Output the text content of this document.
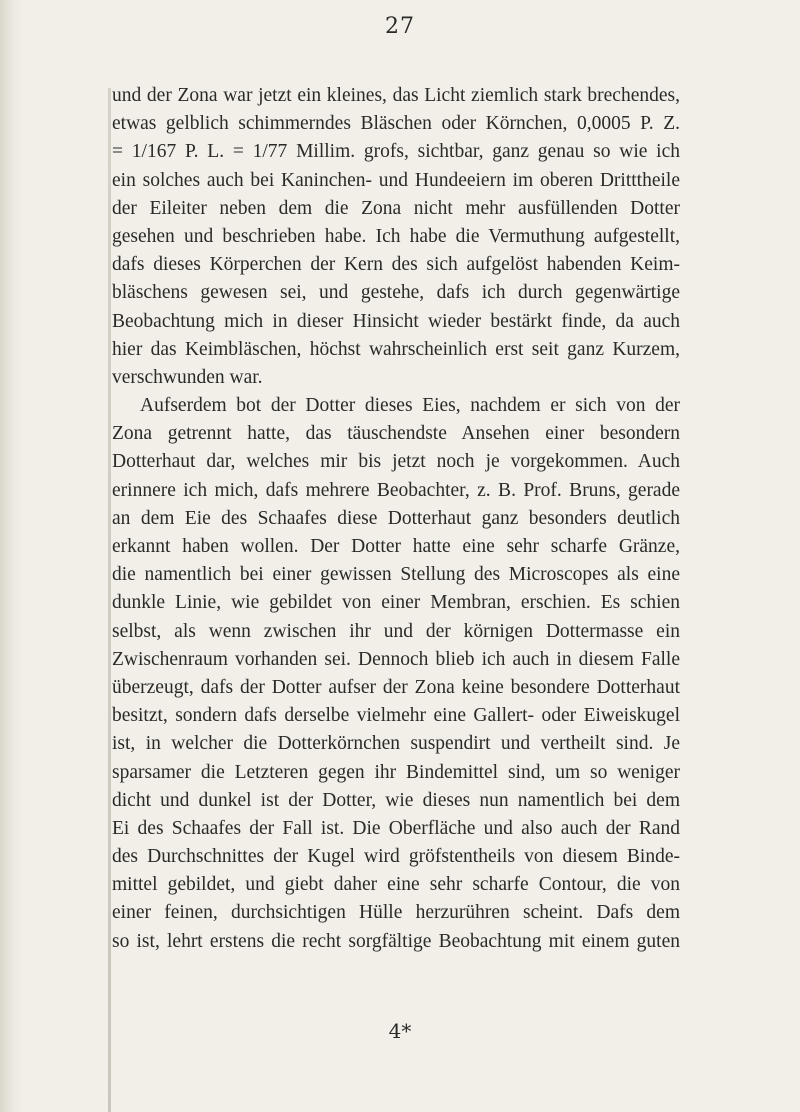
27
und der Zona war jetzt ein kleines, das Licht ziemlich stark brechendes,
etwas gelblich schimmerndes Bläschen oder Körnchen, 0,0005 P. Z.
= 1/167 P. L. = 1/77 Millim. grofs, sichtbar, ganz genau so wie ich
ein solches auch bei Kaninchen- und Hundeeiern im oberen Dritttheile
der Eileiter neben dem die Zona nicht mehr ausfüllenden Dotter
gesehen und beschrieben habe. Ich habe die Vermuthung aufgestellt,
dafs dieses Körperchen der Kern des sich aufgelöst habenden Keim-
bläschens gewesen sei, und gestehe, dafs ich durch gegenwärtige
Beobachtung mich in dieser Hinsicht wieder bestärkt finde, da auch
hier das Keimbläschen, höchst wahrscheinlich erst seit ganz Kurzem,
verschwunden war.
Aufserdem bot der Dotter dieses Eies, nachdem er sich von der
Zona getrennt hatte, das täuschendste Ansehen einer besondern
Dotterhaut dar, welches mir bis jetzt noch je vorgekommen. Auch
erinnere ich mich, dafs mehrere Beobachter, z. B. Prof. Bruns, gerade
an dem Eie des Schaafes diese Dotterhaut ganz besonders deutlich
erkannt haben wollen. Der Dotter hatte eine sehr scharfe Gränze,
die namentlich bei einer gewissen Stellung des Microscopes als eine
dunkle Linie, wie gebildet von einer Membran, erschien. Es schien
selbst, als wenn zwischen ihr und der körnigen Dottermasse ein
Zwischenraum vorhanden sei. Dennoch blieb ich auch in diesem Falle
überzeugt, dafs der Dotter aufser der Zona keine besondere Dotterhaut
besitzt, sondern dafs derselbe vielmehr eine Gallert- oder Eiweiskugel
ist, in welcher die Dotterkörnchen suspendirt und vertheilt sind. Je
sparsamer die Letzteren gegen ihr Bindemittel sind, um so weniger
dicht und dunkel ist der Dotter, wie dieses nun namentlich bei dem
Ei des Schaafes der Fall ist. Die Oberfläche und also auch der Rand
des Durchschnittes der Kugel wird gröfstentheils von diesem Binde-
mittel gebildet, und giebt daher eine sehr scharfe Contour, die von
einer feinen, durchsichtigen Hülle herzurühren scheint. Dafs dem
so ist, lehrt erstens die recht sorgfältige Beobachtung mit einem guten
4*
